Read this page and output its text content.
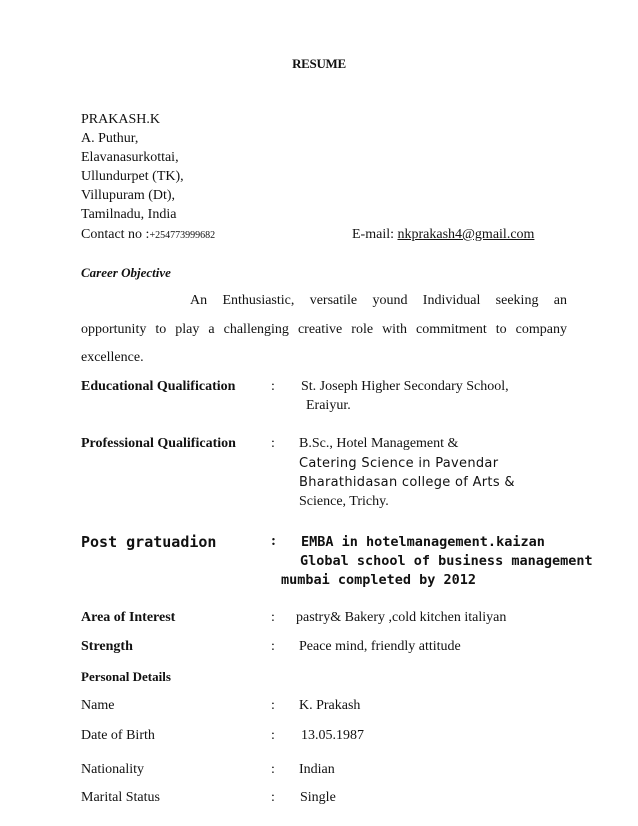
RESUME
PRAKASH.K
A. Puthur,
Elavanasurkottai,
Ullundurpet (TK),
Villupuram (Dt),
Tamilnadu, India
Contact no :+254773999682	E-mail: nkprakash4@gmail.com
Career Objective
An Enthusiastic, versatile yound Individual seeking an
opportunity to play a challenging creative role with commitment to company
excellence.
Educational Qualification	: St. Joseph Higher Secondary School,
Eraiyur.
Professional Qualification	: B.Sc., Hotel Management &
Catering Science in Pavendar
Bharathidasan college of Arts &
Science, Trichy.
Post gratuadion	: EMBA in hotelmanagement.kaizan
Global school of business management
mumbai completed by 2012
Area of Interest	: pastry& Bakery ,cold kitchen italiyan
Strength	: Peace mind, friendly attitude
Personal Details
Name	: K. Prakash
Date of Birth	: 13.05.1987
Nationality	: Indian
Marital Status	: Single
